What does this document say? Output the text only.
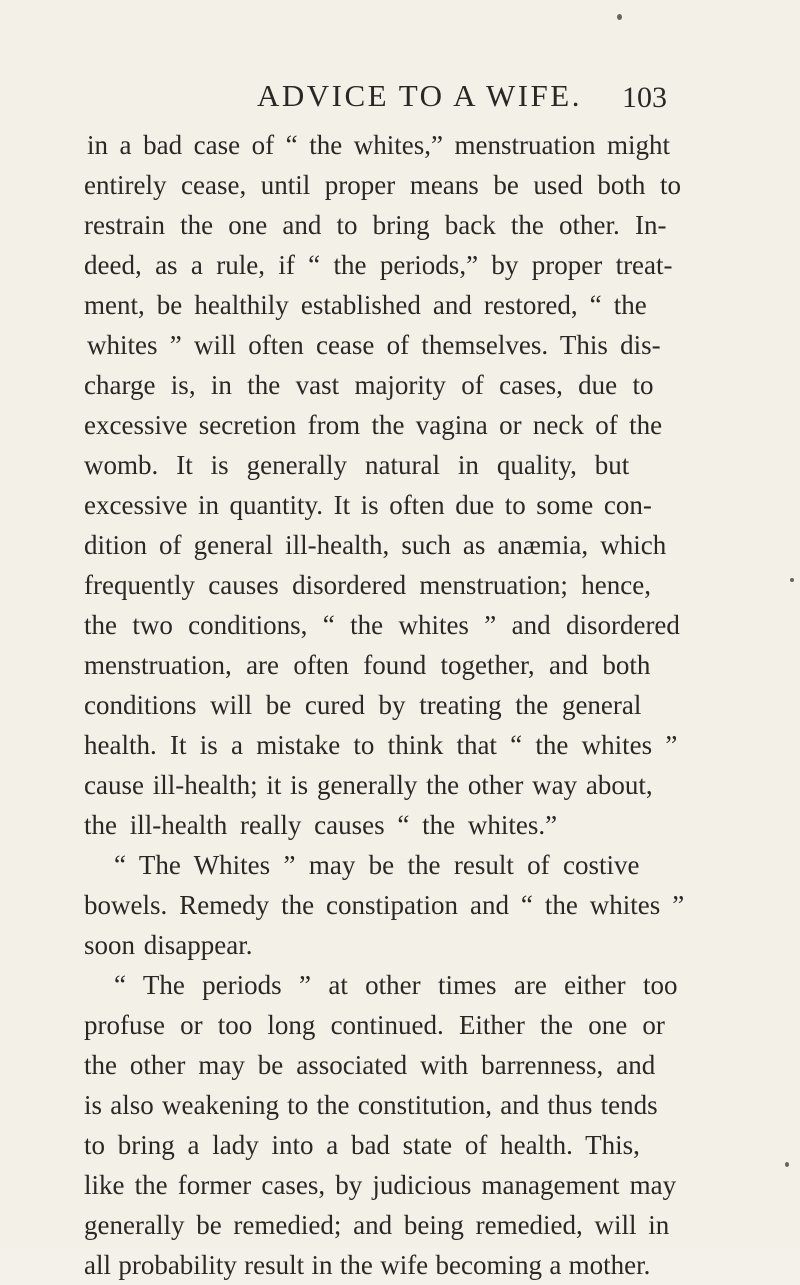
ADVICE TO A WIFE. 103
in a bad case of “ the whites,” menstruation might
entirely cease, until proper means be used both to
restrain the one and to bring back the other. In-
deed, as a rule, if “ the periods,” by proper treat-
ment, be healthily established and restored, “ the
whites ” will often cease of themselves. This dis-
charge is, in the vast majority of cases, due to
excessive secretion from the vagina or neck of the
womb. It is generally natural in quality, but
excessive in quantity. It is often due to some con-
dition of general ill-health, such as anæmia, which
frequently causes disordered menstruation; hence,
the two conditions, “ the whites ” and disordered
menstruation, are often found together, and both
conditions will be cured by treating the general
health. It is a mistake to think that “ the whites ”
cause ill-health; it is generally the other way about,
the ill-health really causes “ the whites.”
“ The Whites ” may be the result of costive
bowels. Remedy the constipation and “ the whites ”
soon disappear.
“ The periods ” at other times are either too
profuse or too long continued. Either the one or
the other may be associated with barrenness, and
is also weakening to the constitution, and thus tends
to bring a lady into a bad state of health. This,
like the former cases, by judicious management may
generally be remedied; and being remedied, will in
all probability result in the wife becoming a mother.
